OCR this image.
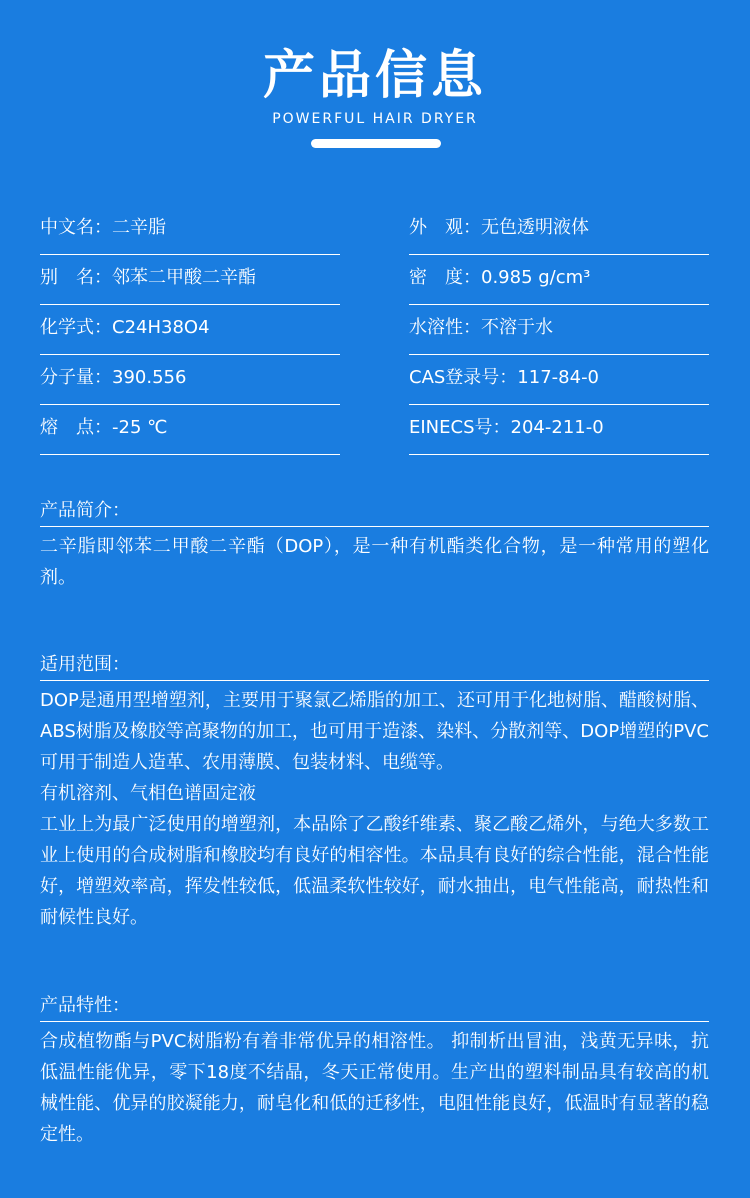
产品信息
POWERFUL HAIR DRYER
中文名：二辛脂
别　名：邻苯二甲酸二辛酯
化学式：C24H38O4
分子量：390.556
熔　点：-25 ℃
外　观：无色透明液体
密　度：0.985 g/cm³
水溶性：不溶于水
CAS登录号：117-84-0
EINECS号：204-211-0
产品简介：

二辛脂即邻苯二甲酸二辛酯（DOP），是一种有机酯类化合物，是一种常用的塑化剂。

适用范围：

DOP是通用型增塑剂，主要用于聚氯乙烯脂的加工、还可用于化地树脂、醋酸树脂、ABS树脂及橡胶等高聚物的加工，也可用于造漆、染料、分散剂等、DOP增塑的PVC可用于制造人造革、农用薄膜、包装材料、电缆等。

有机溶剂、气相色谱固定液

工业上为最广泛使用的增塑剂，本品除了乙酸纤维素、聚乙酸乙烯外，与绝大多数工业上使用的合成树脂和橡胶均有良好的相容性。本品具有良好的综合性能，混合性能好，增塑效率高，挥发性较低，低温柔软性较好，耐水抽出，电气性能高，耐热性和耐候性良好。

产品特性：

合成植物酯与PVC树脂粉有着非常优异的相溶性。 抑制析出冒油，浅黄无异味，抗低温性能优异，零下18度不结晶，冬天正常使用。生产出的塑料制品具有较高的机械性能、优异的胶凝能力，耐皂化和低的迁移性，电阻性能良好，低温时有显著的稳定性。
